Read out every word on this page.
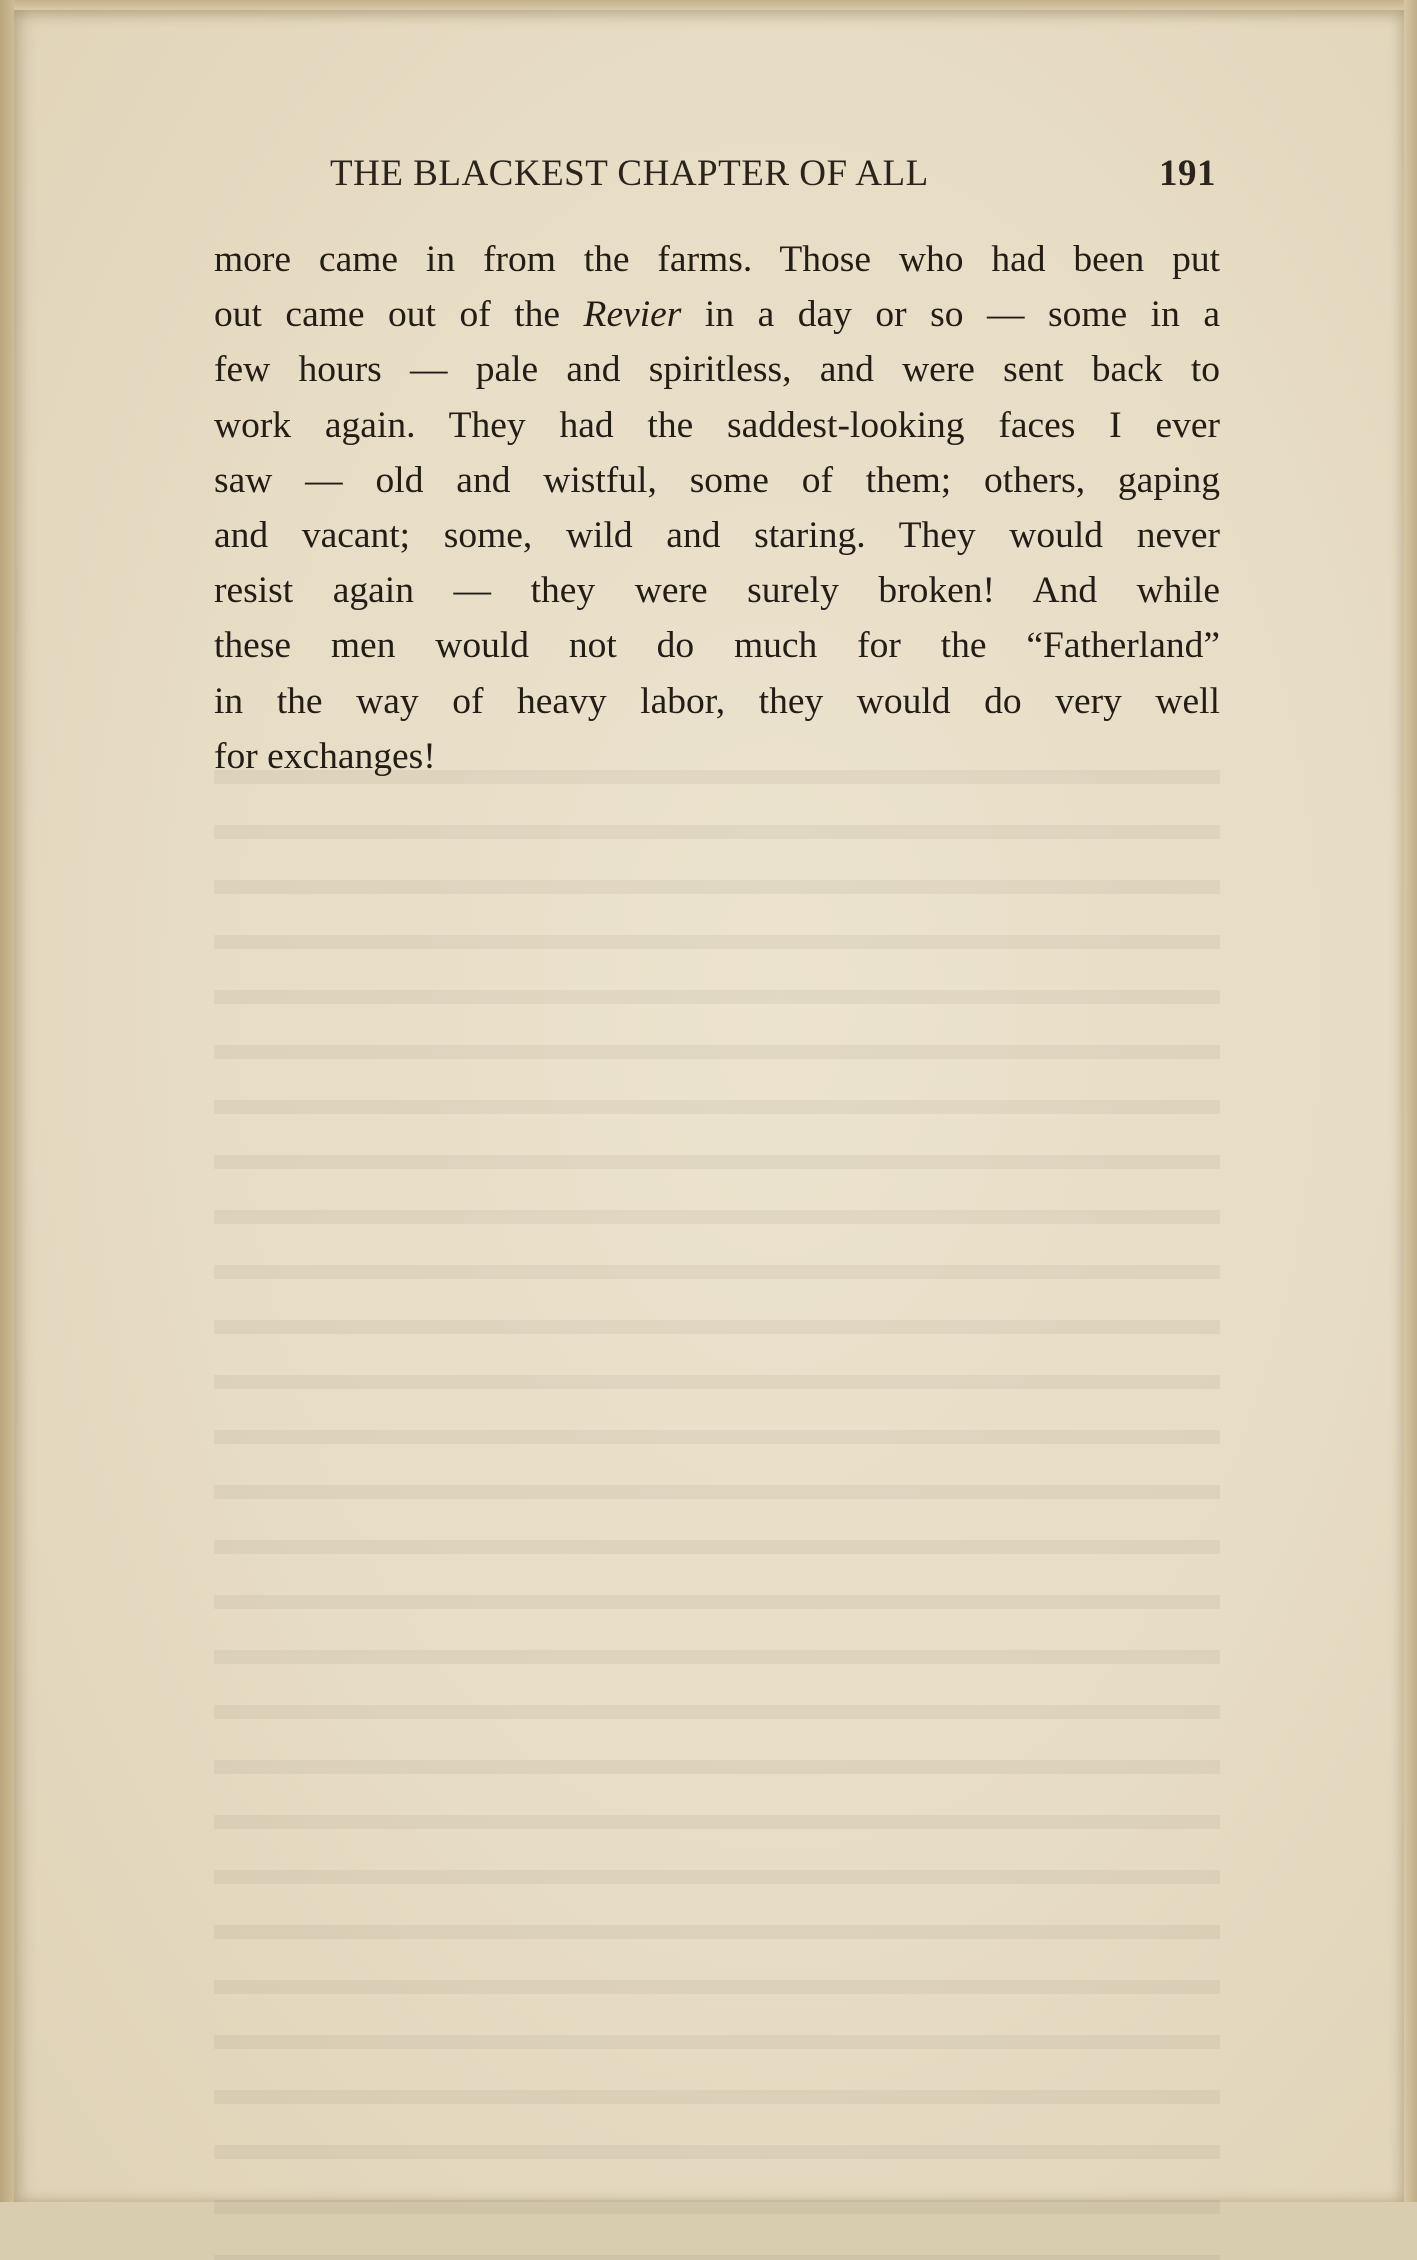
THE BLACKEST CHAPTER OF ALL	191
more came in from the farms. Those who had been put
out came out of the Revier in a day or so — some in a
few hours — pale and spiritless, and were sent back to
work again. They had the saddest-looking faces I ever
saw — old and wistful, some of them; others, gaping
and vacant; some, wild and staring. They would never
resist again — they were surely broken! And while
these men would not do much for the “Fatherland”
in the way of heavy labor, they would do very well
for exchanges!
